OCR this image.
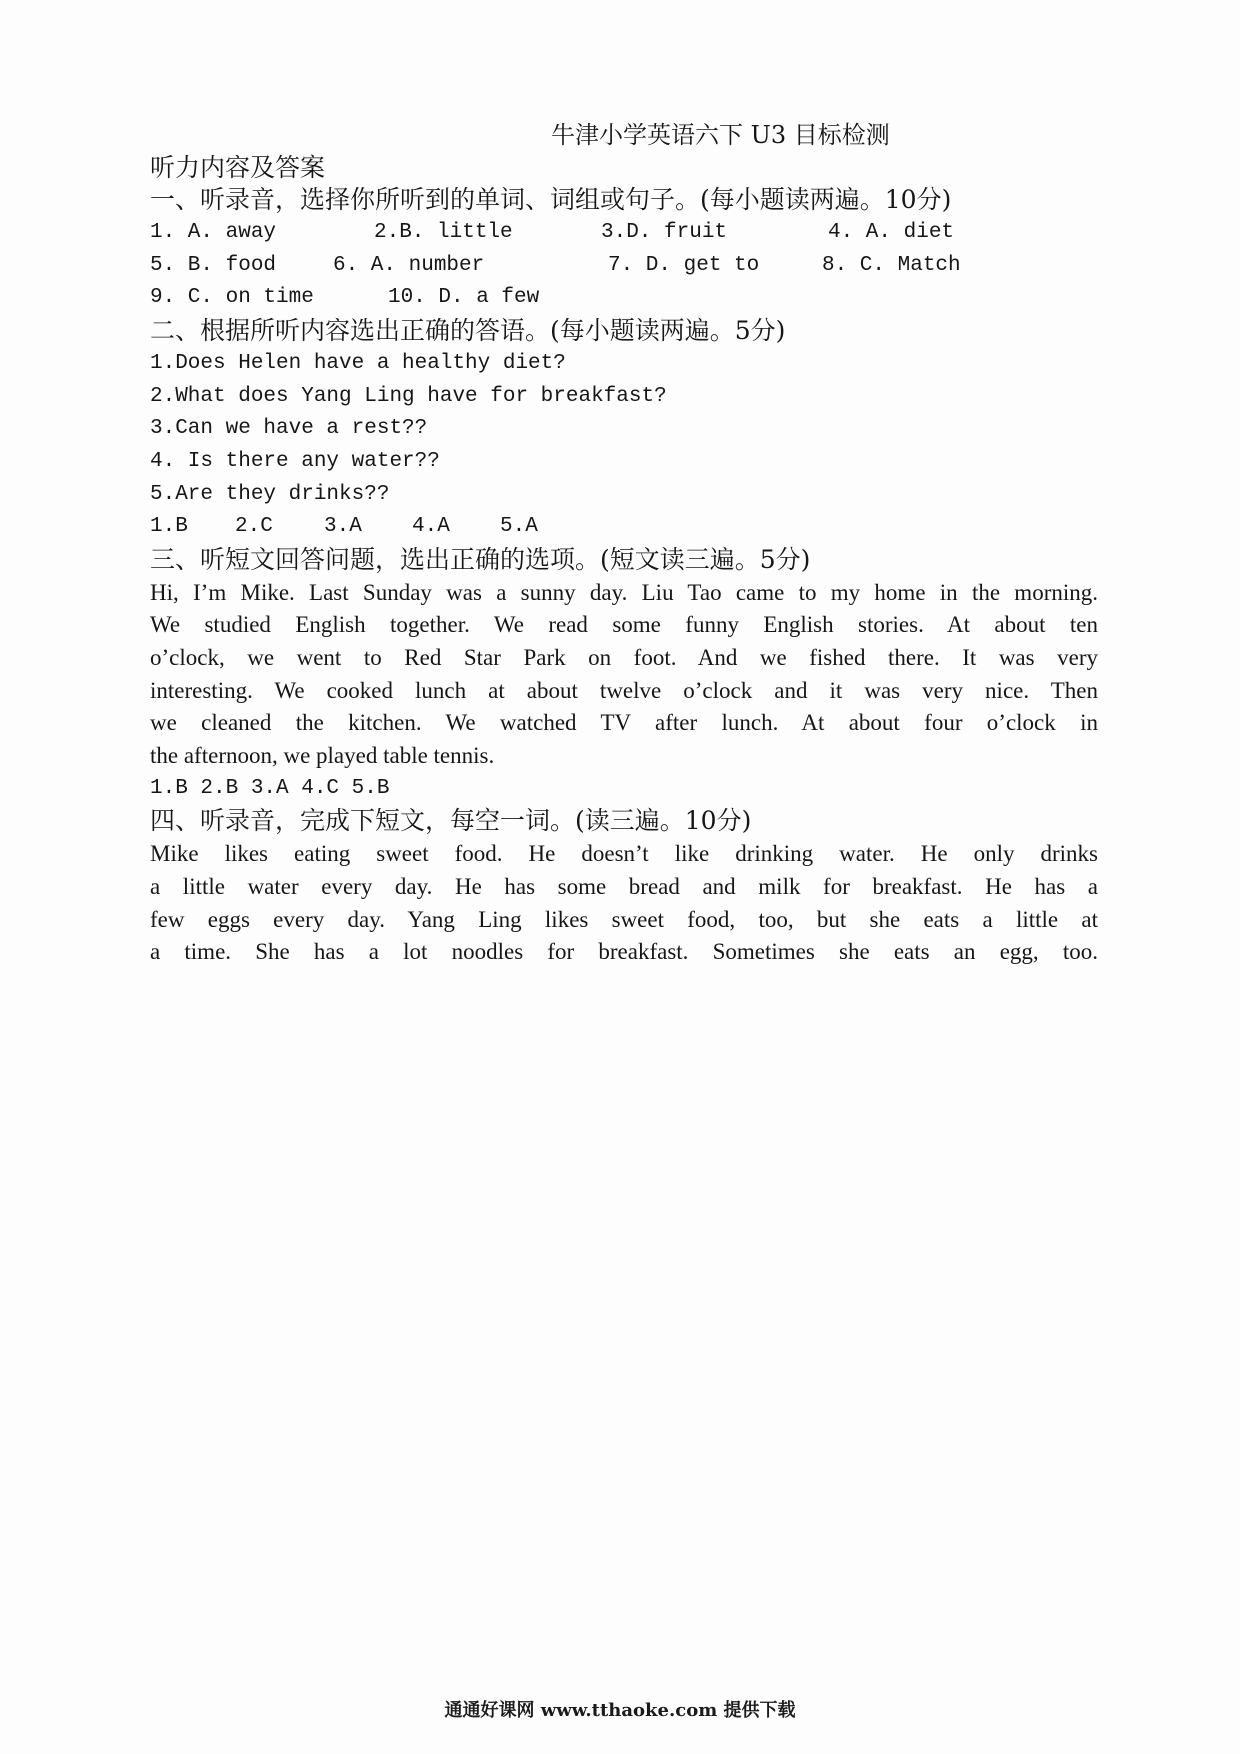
牛津小学英语六下 U3 目标检测
听力内容及答案
一、听录音，选择你所听到的单词、词组或句子。(每小题读两遍。10分)
1. A. away	2.B. little	3.D. fruit	4. A. diet
5. B. food	6. A. number	7. D. get to	8. C. Match
9. C. on time	10. D. a few
二、根据所听内容选出正确的答语。(每小题读两遍。5分)
1.Does Helen have a healthy diet?
2.What does Yang Ling have for breakfast?
3.Can we have a rest??
4. Is there any water??
5.Are they drinks??
1.B 2.C 3.A 4.A 5.A
三、听短文回答问题，选出正确的选项。(短文读三遍。5分)
Hi, I’m Mike. Last Sunday was a sunny day. Liu Tao came to my home in the morning.
We studied English together. We read some funny English stories. At about ten
o’clock, we went to Red Star Park on foot. And we fished there. It was very
interesting. We cooked lunch at about twelve o’clock and it was very nice. Then
we cleaned the kitchen. We watched TV after lunch. At about four o’clock in
the afternoon, we played table tennis.
1.B 2.B 3.A 4.C 5.B
四、听录音，完成下短文，每空一词。(读三遍。10分)
Mike likes eating sweet food. He doesn’t like drinking water. He only drinks
a little water every day. He has some bread and milk for breakfast. He has a
few eggs every day. Yang Ling likes sweet food, too, but she eats a little at
a time. She has a lot noodles for breakfast. Sometimes she eats an egg, too.
通通好课网 www.tthaoke.com 提供下载
